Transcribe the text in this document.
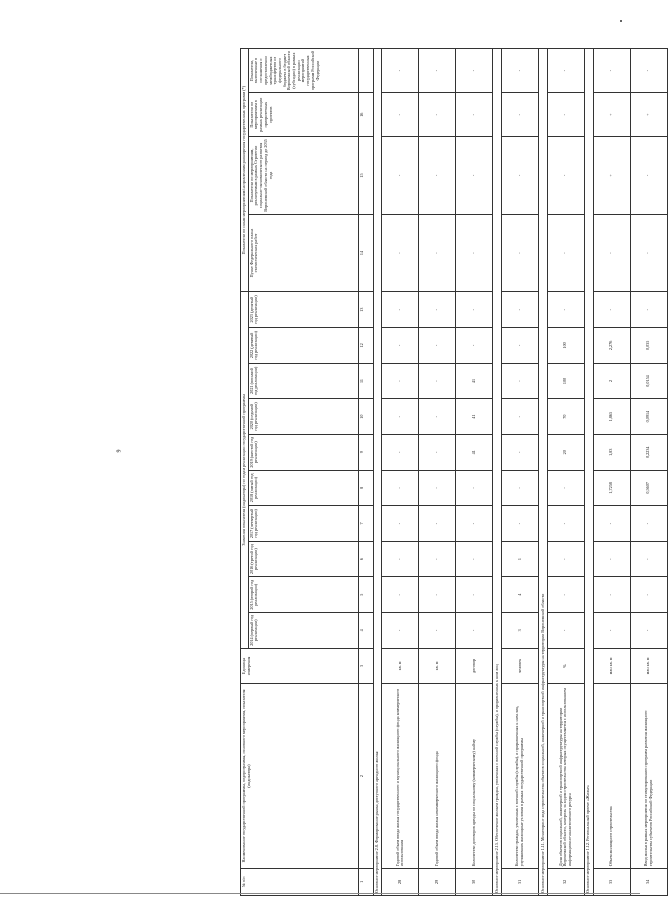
9
№ п/п	Наименование государственной программы, подпрограммы, основного мероприятия, показателя (индикатора)	Единицы измерения	Значения показателя (индикатора) по годам реализации государственной программы										Показатели по иным мероприятиям/направлениям расширения государственных программ (*)			
			2014 (первый год реализации)	2015 (второй год реализации)	2016 (третий год реализации)	2017 (четвертый год реализации)	2018 (пятый год реализации)	2019 (шестой год реализации)	2020 (седьмой год реализации)	2021 (восьмой год реализации)	2022 (девятый год реализации)	2023 (десятый год реализации)	Пункт Федерального плана статистических работ	Показатели по мероприятиям, реализуемым в рамках Стратегии социально-экономического развития Воронежской области на период до 2035 года	Показатели по мероприятиям в рамках реализации приоритетных проектов	Показатели, включенные в соглашения о предоставлении межбюджетных трансфертов из федерального бюджета в бюджет Воронежской области (субсидии) в рамках реализации мероприятий государственных программ Российской Федерации

1	2	3	4	5	6	7	8	9	10	11	12	13	14	15	16	
Основное мероприятие 2.8. Формирование рынка доступного арендного жилья																
28	Годовой объем ввода жилья государственного и муниципального жилищного фонда коммерческого использования	кв. м	-	-	-	-	-	-	-	-	-	-	-	-	-	-
29	Годовой объем ввода жилья некоммерческого жилищного фонда	кв. м	-	-	-	-	-	-	-	-	-	-	-	-	-	-
30	Количество договоров аренды по социальному (коммерческому) найму	договор	-	-	-	-	-	41	41	41	-	-	-	-	-	-
Основное мероприятие 2.15. Обеспечение жильем граждан, уволенных с военной службы (службы), и приравненных к ним лиц																
31	Количество граждан, уволенных с военной службы (службы), и приравненных к ним лиц, улучшивших жилищные условия в рамках государственной программы	человек	3	4	1	-	-	-	-	-	-	-	-	-	-	-
Основное мероприятие 1.11. Мониторинг хода строительства объектов социальной, инженерной и транспортной инфраструктуры на территории Воронежской области																
32	Доля объектов социальной, инженерной и транспортной инфраструктуры на территории Воронежской области, контроль за ходом строительства которых осуществляется с использованием информационно-аналитического ресурса	%	-	-	-	-	-	20	70	100	100	-	-	-	-	-
Основное мероприятие 1.12. Региональный проект «Жилье»																
33	Объем жилищного строительства	млн кв. м	-	-	-	-	1,7258	1,83	1,865	2	2,276	-	-	+	+	-
34	Ввод жилья в рамках мероприятия по стимулированию программ развития жилищного строительства субъектов Российской Федерации	млн кв. м	-	-	-	-	0,5607	0,2234	0,0914	0,0154	0,035	-	-	-	+	-
